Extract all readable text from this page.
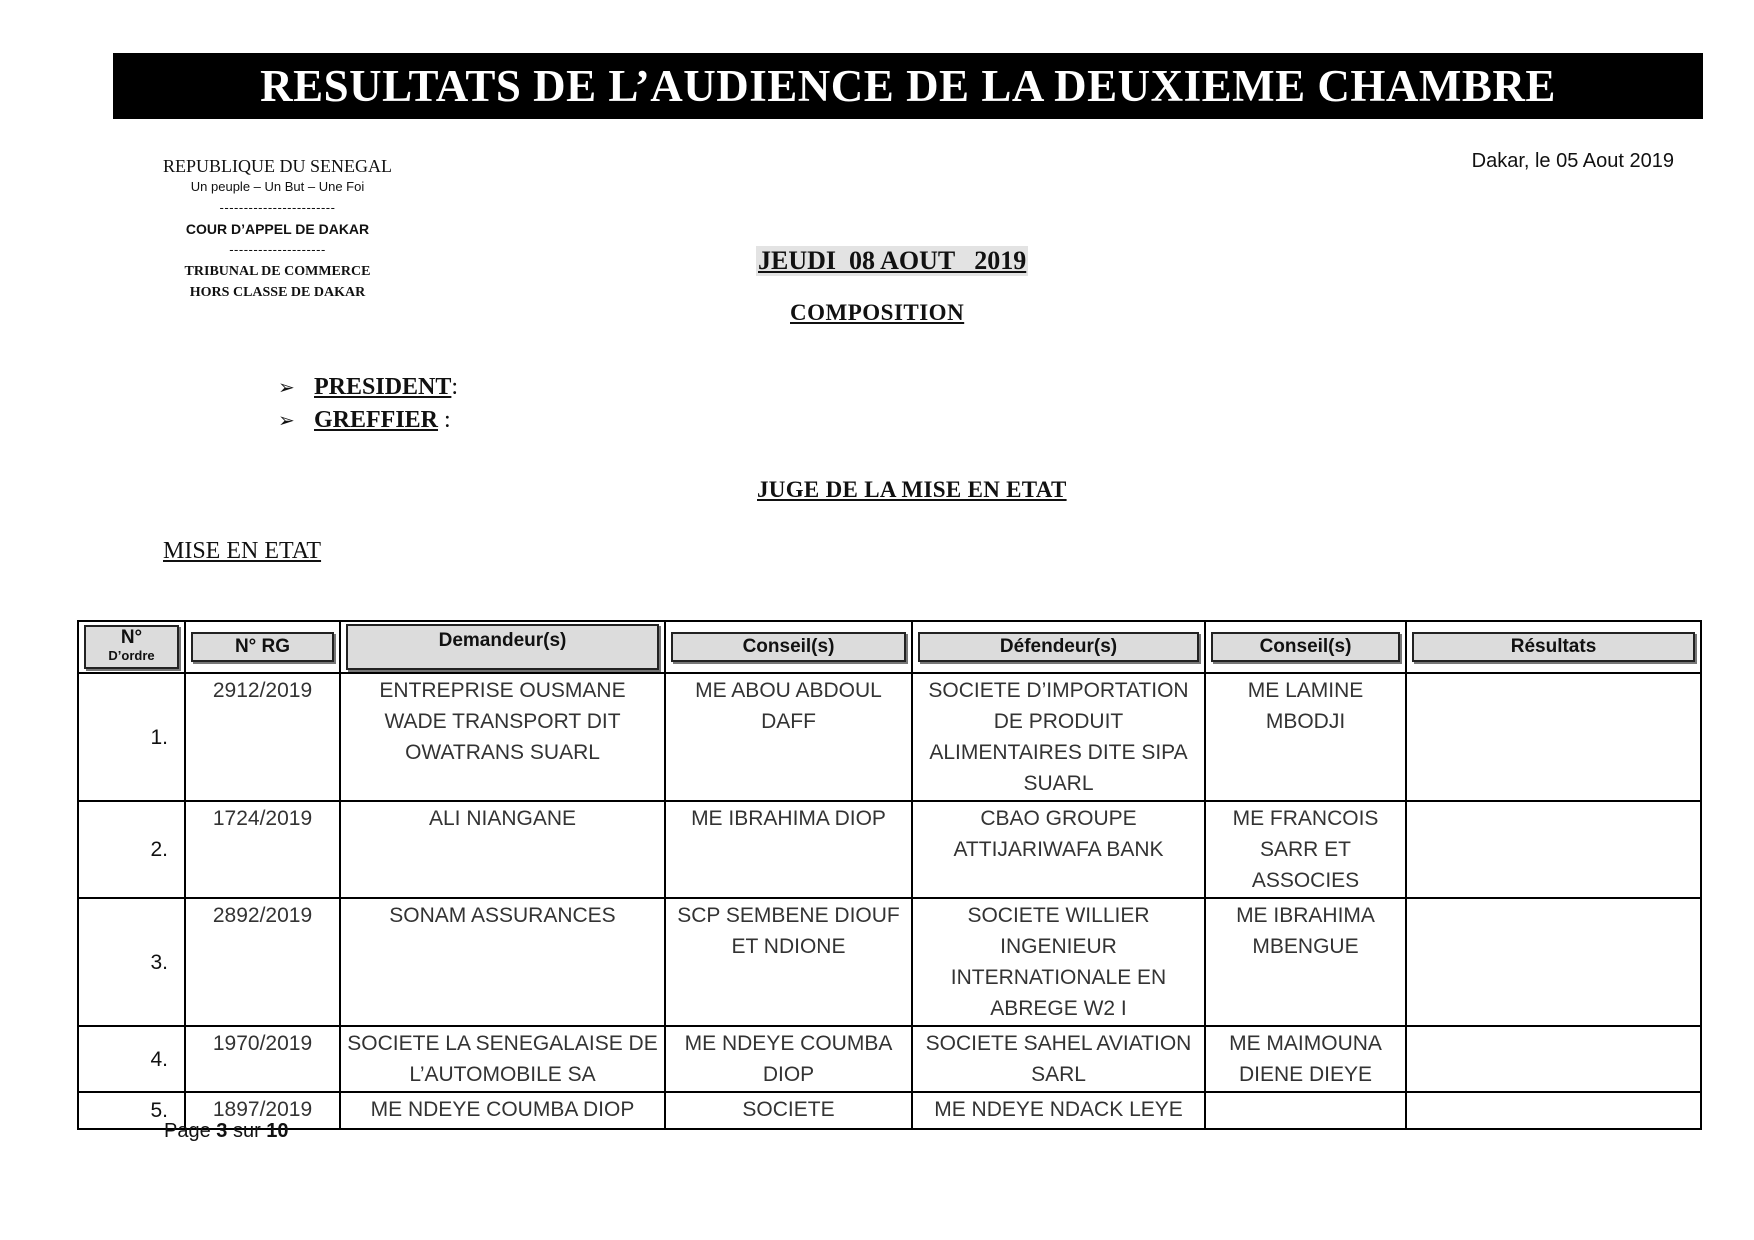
RESULTATS DE L’AUDIENCE DE LA DEUXIEME CHAMBRE
REPUBLIQUE DU SENEGAL
Un peuple – Un But – Une Foi
------------------------
COUR D’APPEL DE DAKAR
--------------------
TRIBUNAL DE COMMERCE
HORS CLASSE DE DAKAR
Dakar, le 05 Aout 2019
JEUDI  08 AOUT   2019
COMPOSITION
➢ PRESIDENT:
➢ GREFFIER :
JUGE DE LA MISE EN ETAT
MISE EN ETAT
N°
D’ordre	N° RG	Demandeur(s)	Conseil(s)	Défendeur(s)	Conseil(s)	Résultats

1.	2912/2019	ENTREPRISE OUSMANE WADE TRANSPORT DIT OWATRANS SUARL	ME ABOU ABDOUL DAFF	SOCIETE D’IMPORTATION DE PRODUIT ALIMENTAIRES DITE SIPA SUARL	ME LAMINE MBODJI	
2.	1724/2019	ALI NIANGANE	ME IBRAHIMA DIOP	CBAO GROUPE ATTIJARIWAFA BANK	ME FRANCOIS SARR ET ASSOCIES	
3.	2892/2019	SONAM ASSURANCES	SCP SEMBENE DIOUF ET NDIONE	SOCIETE WILLIER INGENIEUR INTERNATIONALE EN ABREGE W2 I	ME IBRAHIMA MBENGUE	
4.	1970/2019	SOCIETE LA SENEGALAISE DE L’AUTOMOBILE SA	ME NDEYE COUMBA DIOP	SOCIETE SAHEL AVIATION SARL	ME MAIMOUNA DIENE DIEYE	
5.	1897/2019	ME NDEYE COUMBA DIOP	SOCIETE	ME NDEYE NDACK LEYE		
Page 3 sur 10
